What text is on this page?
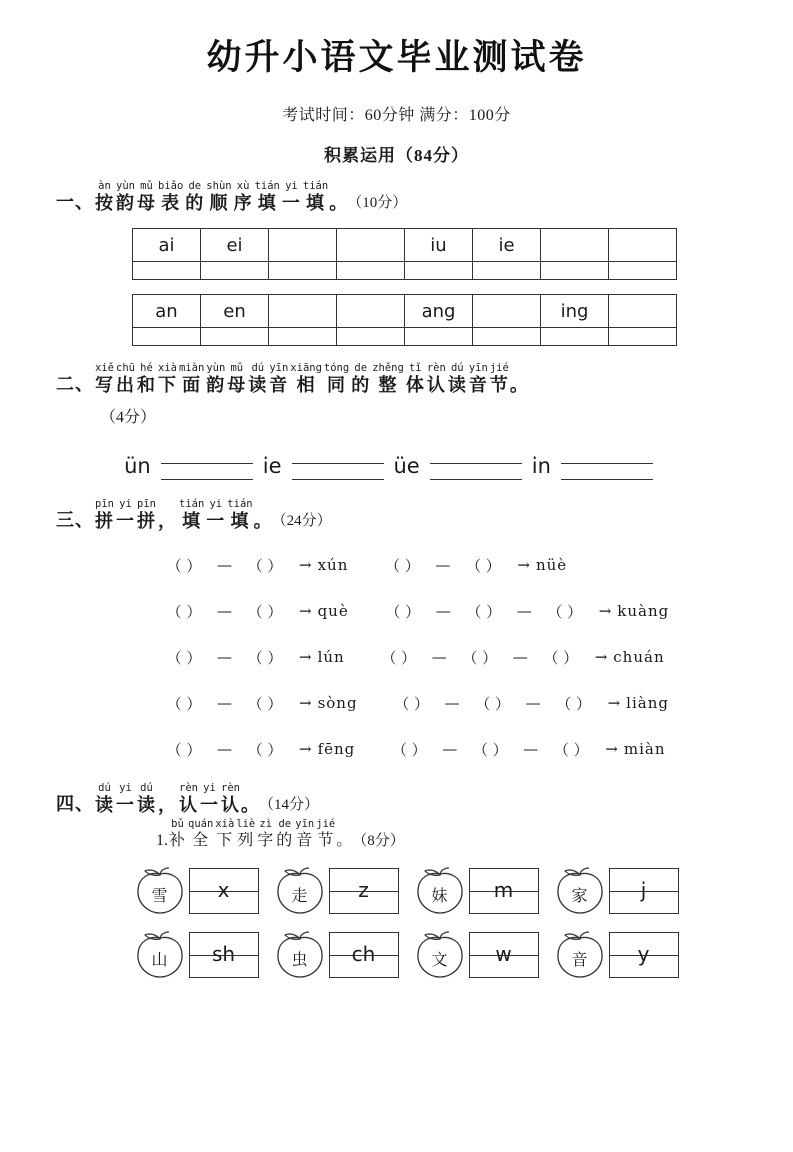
幼升小语文毕业测试卷
考试时间：60分钟 满分：100分
积累运用（84分）
一、
àn
按
yùn
韵
mǔ
母
biǎo
表
de
的
shùn
顺
xù
序
tián
填
yi
一
tián
填 。 （10分）
ai	ei			iu	ie		

an	en			ang		ing	

二、
xiě
写
chū
出
hé
和
xià
下
miàn
面
yùn
韵
mǔ
母
dú
读
yīn
音
xiāng
相
tóng
同
de
的
zhěng
整
tǐ
体
rèn
认
dú
读
yīn
音
jié
节 。
（4分）
ün	ie	üe	in
三、
pīn
拼
yi
一
pīn
拼 ，
tián
填
yi
一
tián
填 。 （24分）
（ ）	—	（ ）	→ xún	（ ）	—	（ ）	→ nüè
（ ）	—	（ ）	→ què	（ ）	—	（ ）	—	（ ）	→ kuàng
（ ）	—	（ ）	→ lún	（ ）	—	（ ）	—	（ ）	→ chuán
（ ）	—	（ ）	→ sòng	（ ）	—	（ ）	—	（ ）	→ liàng
（ ）	—	（ ）	→ fēng	（ ）	—	（ ）	—	（ ）	→ miàn
四、
dú
读
yi
一
dú
读 ，
rèn
认
yi
一
rèn
认 。 （14分）
1.
bǔ
补
quán
全
xià
下
liè
列
zì
字
de
的
yīn
音
jié
节 。 （8分）
雪	x	走	z	妹 m	家	j
山 sh	虫 ch	文 w	音	y
